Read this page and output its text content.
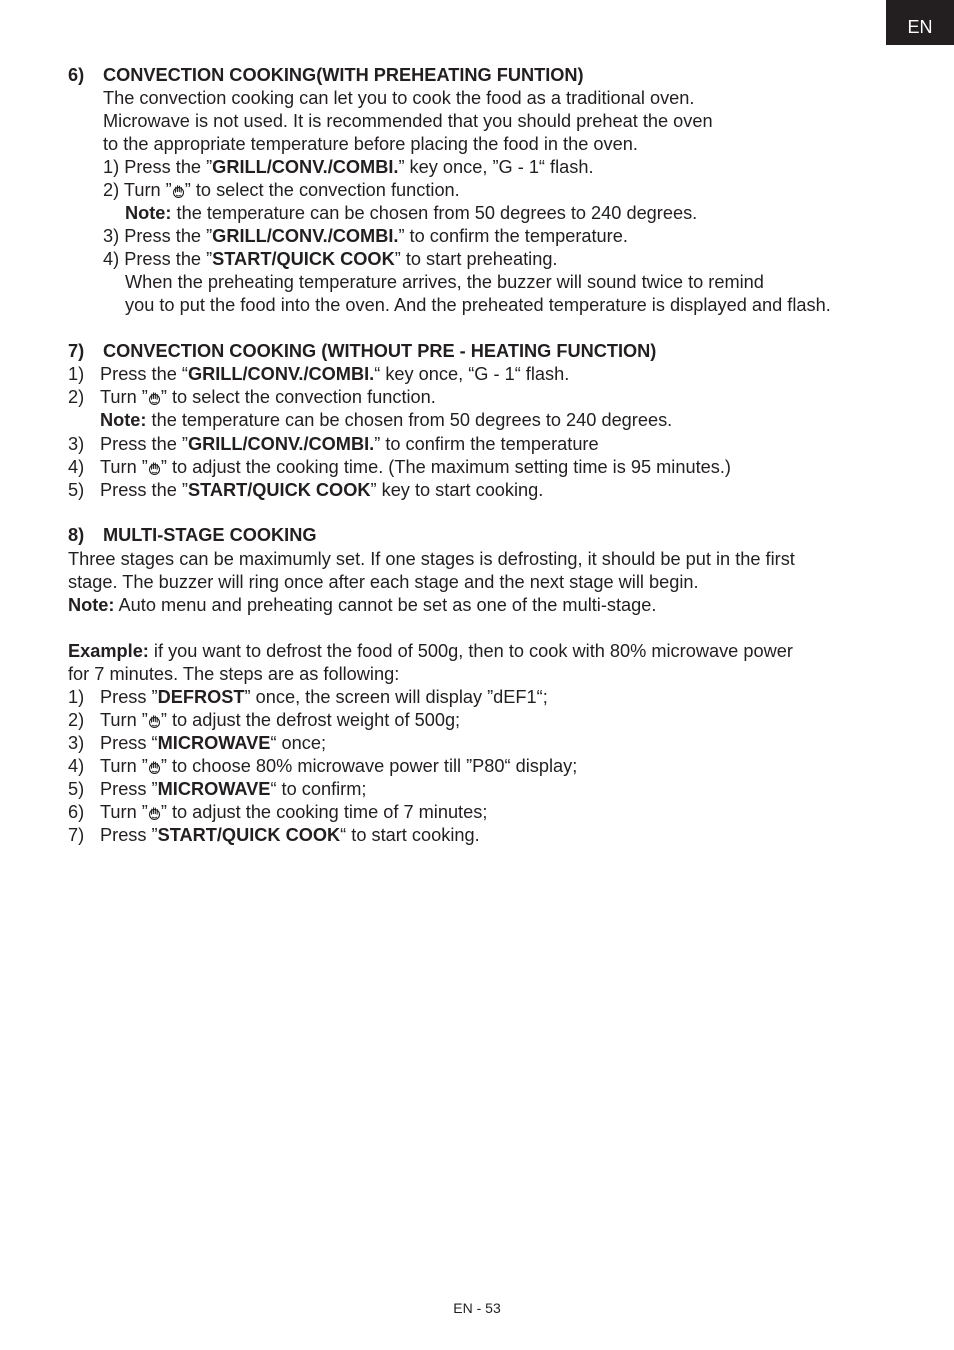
EN
6) CONVECTION COOKING(WITH PREHEATING FUNTION)
The convection cooking can let you to cook the food as a traditional oven.
Microwave is not used. It is recommended that you should preheat the oven
to the appropriate temperature before placing the food in the oven.
1) Press the ”GRILL/CONV./COMBI.” key once, ”G - 1“ flash.
2) Turn ” ” to select the convection function.
Note: the temperature can be chosen from 50 degrees to 240 degrees.
3) Press the ”GRILL/CONV./COMBI.” to confirm the temperature.
4) Press the ”START/QUICK COOK” to start preheating.
When the preheating temperature arrives, the buzzer will sound twice to remind
you to put the food into the oven. And the preheated temperature is displayed and flash.
7) CONVECTION COOKING (WITHOUT PRE - HEATING FUNCTION)
1) Press the “GRILL/CONV./COMBI.“ key once, “G - 1“ flash.
2) Turn ” ” to select the convection function.
Note: the temperature can be chosen from 50 degrees to 240 degrees.
3) Press the ”GRILL/CONV./COMBI.” to confirm the temperature
4) Turn ” ” to adjust the cooking time. (The maximum setting time is 95 minutes.)
5) Press the ”START/QUICK COOK” key to start cooking.
8) MULTI-STAGE COOKING
Three stages can be maximumly set. If one stages is defrosting, it should be put in the first
stage. The buzzer will ring once after each stage and the next stage will begin.
Note: Auto menu and preheating cannot be set as one of the multi-stage.
Example: if you want to defrost the food of 500g, then to cook with 80% microwave power
for 7 minutes. The steps are as following:
1) Press ”DEFROST” once, the screen will display ”dEF1“;
2) Turn ” ” to adjust the defrost weight of 500g;
3) Press “MICROWAVE“ once;
4) Turn ” ” to choose 80% microwave power till ”P80“ display;
5) Press ”MICROWAVE“ to confirm;
6) Turn ” ” to adjust the cooking time of 7 minutes;
7) Press ”START/QUICK COOK“ to start cooking.
EN - 53
